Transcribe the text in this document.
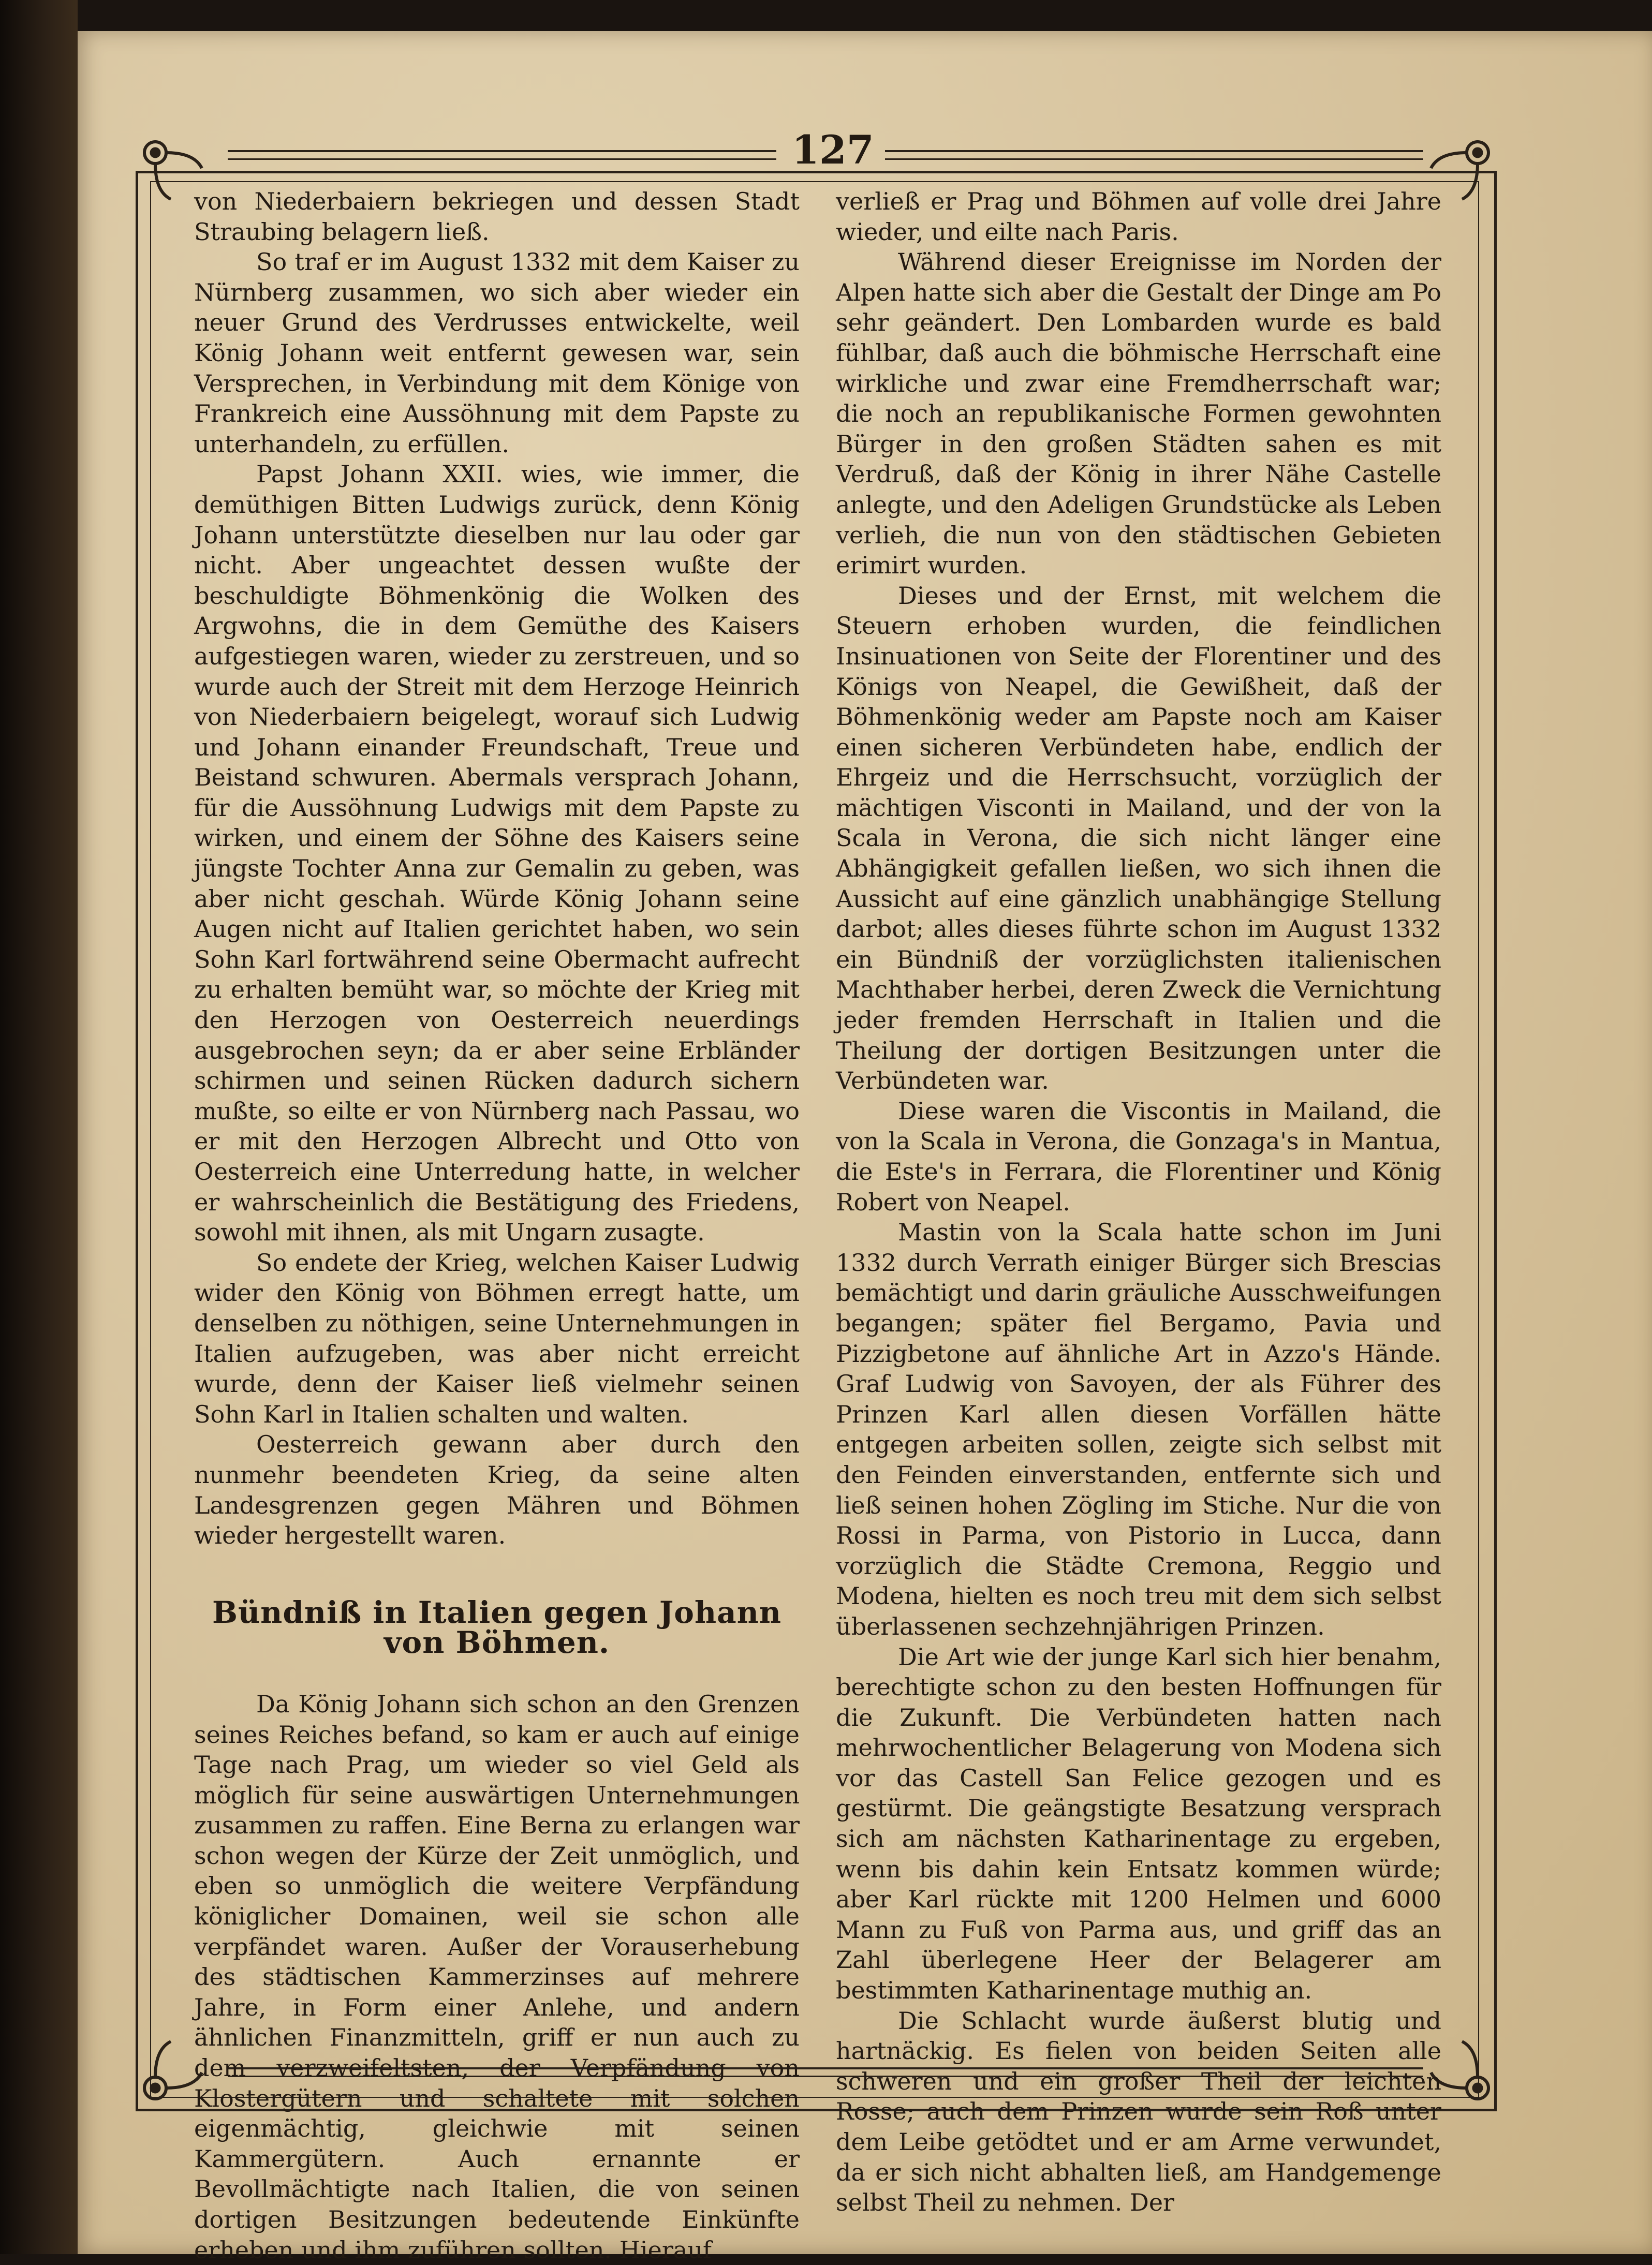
127

von Niederbaiern bekriegen und dessen Stadt Straubing belagern ließ.

So traf er im August 1332 mit dem Kaiser zu Nürnberg zusammen, wo sich aber wieder ein neuer Grund des Verdrusses entwickelte, weil König Johann weit entfernt gewesen war, sein Versprechen, in Verbindung mit dem Könige von Frankreich eine Aussöhnung mit dem Papste zu unterhandeln, zu erfüllen.

Papst Johann XXII. wies, wie immer, die demüthigen Bitten Ludwigs zurück, denn König Johann unterstützte dieselben nur lau oder gar nicht. Aber ungeachtet dessen wußte der beschuldigte Böhmenkönig die Wolken des Argwohns, die in dem Gemüthe des Kaisers aufgestiegen waren, wieder zu zerstreuen, und so wurde auch der Streit mit dem Herzoge Heinrich von Niederbaiern beigelegt, worauf sich Ludwig und Johann einander Freundschaft, Treue und Beistand schwuren. Abermals versprach Johann, für die Aussöhnung Ludwigs mit dem Papste zu wirken, und einem der Söhne des Kaisers seine jüngste Tochter Anna zur Gemalin zu geben, was aber nicht geschah. Würde König Johann seine Augen nicht auf Italien gerichtet haben, wo sein Sohn Karl fortwährend seine Obermacht aufrecht zu erhalten bemüht war, so möchte der Krieg mit den Herzogen von Oesterreich neuerdings ausgebrochen seyn; da er aber seine Erbländer schirmen und seinen Rücken dadurch sichern mußte, so eilte er von Nürnberg nach Passau, wo er mit den Herzogen Albrecht und Otto von Oesterreich eine Unterredung hatte, in welcher er wahrscheinlich die Bestätigung des Friedens, sowohl mit ihnen, als mit Ungarn zusagte.

So endete der Krieg, welchen Kaiser Ludwig wider den König von Böhmen erregt hatte, um denselben zu nöthigen, seine Unternehmungen in Italien aufzugeben, was aber nicht erreicht wurde, denn der Kaiser ließ vielmehr seinen Sohn Karl in Italien schalten und walten.

Oesterreich gewann aber durch den nunmehr beendeten Krieg, da seine alten Landesgrenzen gegen Mähren und Böhmen wieder hergestellt waren.

Bündniß in Italien gegen Johann von Böhmen.

Da König Johann sich schon an den Grenzen seines Reiches befand, so kam er auch auf einige Tage nach Prag, um wieder so viel Geld als möglich für seine auswärtigen Unternehmungen zusammen zu raffen. Eine Berna zu erlangen war schon wegen der Kürze der Zeit unmöglich, und eben so unmöglich die weitere Verpfändung königlicher Domainen, weil sie schon alle verpfändet waren. Außer der Vorauserhebung des städtischen Kammerzinses auf mehrere Jahre, in Form einer Anlehe, und andern ähnlichen Finanzmitteln, griff er nun auch zu dem verzweifeltsten, der Verpfändung von Klostergütern und schaltete mit solchen eigenmächtig, gleichwie mit seinen Kammergütern. Auch ernannte er Bevollmächtigte nach Italien, die von seinen dortigen Besitzungen bedeutende Einkünfte erheben und ihm zuführen sollten. Hierauf

verließ er Prag und Böhmen auf volle drei Jahre wieder, und eilte nach Paris.

Während dieser Ereignisse im Norden der Alpen hatte sich aber die Gestalt der Dinge am Po sehr geändert. Den Lombarden wurde es bald fühlbar, daß auch die böhmische Herrschaft eine wirkliche und zwar eine Fremdherrschaft war; die noch an republikanische Formen gewohnten Bürger in den großen Städten sahen es mit Verdruß, daß der König in ihrer Nähe Castelle anlegte, und den Adeligen Grundstücke als Leben verlieh, die nun von den städtischen Gebieten erimirt wurden.

Dieses und der Ernst, mit welchem die Steuern erhoben wurden, die feindlichen Insinuationen von Seite der Florentiner und des Königs von Neapel, die Gewißheit, daß der Böhmenkönig weder am Papste noch am Kaiser einen sicheren Verbündeten habe, endlich der Ehrgeiz und die Herrschsucht, vorzüglich der mächtigen Visconti in Mailand, und der von la Scala in Verona, die sich nicht länger eine Abhängigkeit gefallen ließen, wo sich ihnen die Aussicht auf eine gänzlich unabhängige Stellung darbot; alles dieses führte schon im August 1332 ein Bündniß der vorzüglichsten italienischen Machthaber herbei, deren Zweck die Vernichtung jeder fremden Herrschaft in Italien und die Theilung der dortigen Besitzungen unter die Verbündeten war.

Diese waren die Viscontis in Mailand, die von la Scala in Verona, die Gonzaga's in Mantua, die Este's in Ferrara, die Florentiner und König Robert von Neapel.

Mastin von la Scala hatte schon im Juni 1332 durch Verrath einiger Bürger sich Brescias bemächtigt und darin gräuliche Ausschweifungen begangen; später fiel Bergamo, Pavia und Pizzigbetone auf ähnliche Art in Azzo's Hände. Graf Ludwig von Savoyen, der als Führer des Prinzen Karl allen diesen Vorfällen hätte entgegen arbeiten sollen, zeigte sich selbst mit den Feinden einverstanden, entfernte sich und ließ seinen hohen Zögling im Stiche. Nur die von Rossi in Parma, von Pistorio in Lucca, dann vorzüglich die Städte Cremona, Reggio und Modena, hielten es noch treu mit dem sich selbst überlassenen sechzehnjährigen Prinzen.

Die Art wie der junge Karl sich hier benahm, berechtigte schon zu den besten Hoffnungen für die Zukunft. Die Verbündeten hatten nach mehrwochentlicher Belagerung von Modena sich vor das Castell San Felice gezogen und es gestürmt. Die geängstigte Besatzung versprach sich am nächsten Katharinentage zu ergeben, wenn bis dahin kein Entsatz kommen würde; aber Karl rückte mit 1200 Helmen und 6000 Mann zu Fuß von Parma aus, und griff das an Zahl überlegene Heer der Belagerer am bestimmten Katharinentage muthig an.

Die Schlacht wurde äußerst blutig und hartnäckig. Es fielen von beiden Seiten alle schweren und ein großer Theil der leichten Rosse; auch dem Prinzen wurde sein Roß unter dem Leibe getödtet und er am Arme verwundet, da er sich nicht abhalten ließ, am Handgemenge selbst Theil zu nehmen. Der
